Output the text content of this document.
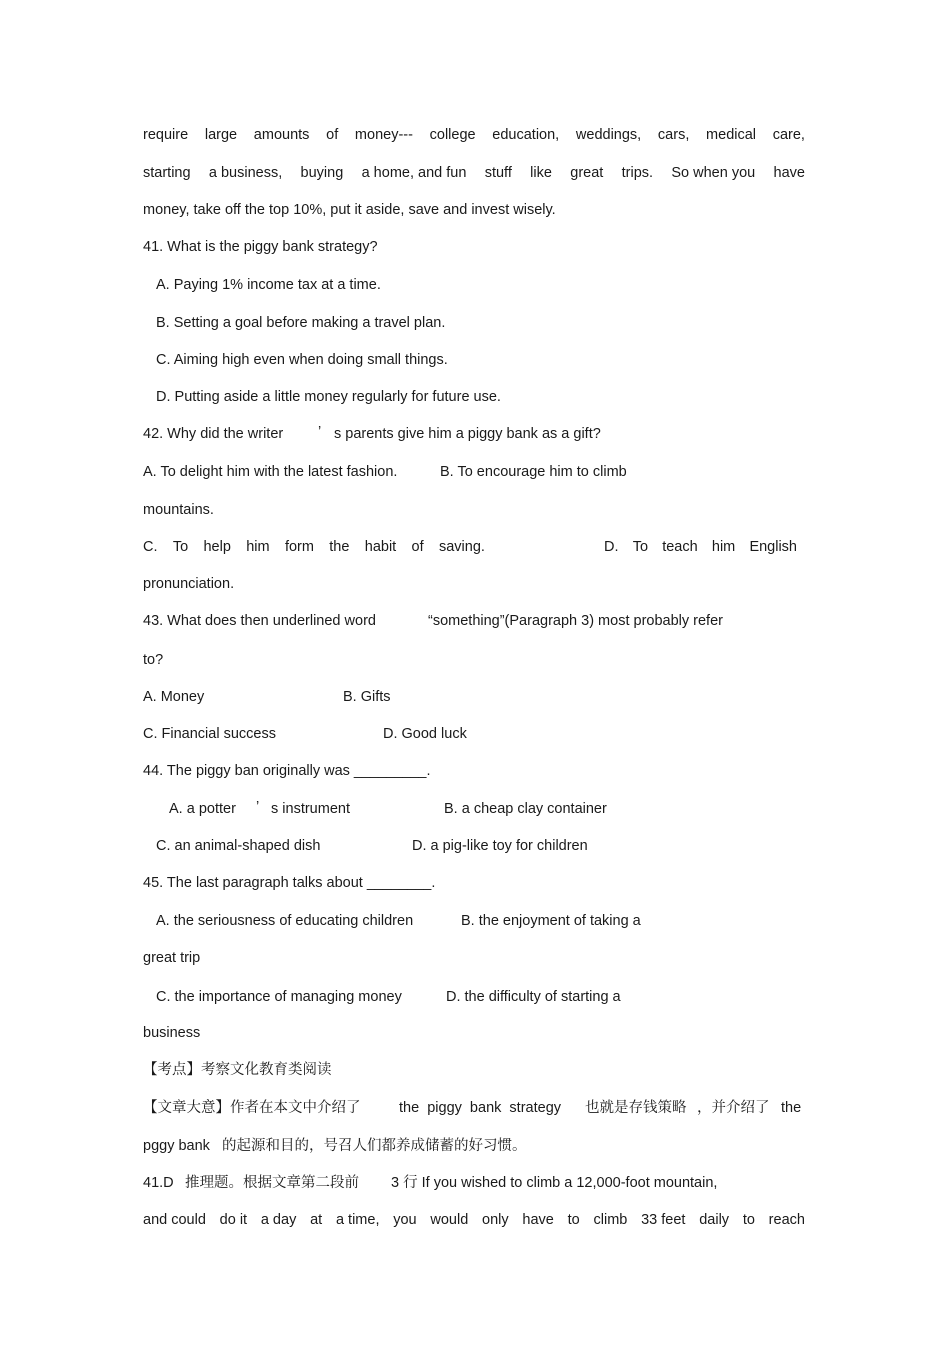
require large amounts of money--- college education, weddings, cars, medical care,
starting a business, buying a home, and fun stuff like great trips. So when you have
money, take off the top 10%, put it aside, save and invest wisely.
41. What is the piggy bank strategy?
A. Paying 1% income tax at a time.
B. Setting a goal before making a travel plan.
C. Aiming high even when doing small things.
D. Putting aside a little money regularly for future use.
42. Why did the writer ’ s parents give him a piggy bank as a gift?
A. To delight him with the latest fashion.	B. To encourage him to climb
mountains.
C. To help him form the habit of saving.	D. To teach him English
pronunciation.
43. What does then underlined word	“something”(Paragraph 3) most probably refer
to?
A. Money	B. Gifts
C. Financial success	D. Good luck
44. The piggy ban originally was _________.
A. a potter ’ s instrument	B. a cheap clay container
C. an animal-shaped dish	D. a pig-like toy for children
45. The last paragraph talks about ________.
A. the seriousness of educating children	B. the enjoyment of taking a
great trip
C. the importance of managing money	D. the difficulty of starting a
business
【考点】考察文化教育类阅读
【文章大意】作者在本文中介绍了	the  piggy  bank  strategy 也就是存钱策略 ，并介绍了 the
pggy bank 的起源和目的，号召人们都养成储蓄的好习惯。
41.D 推理题。根据文章第二段前 3 行 If you wished to climb a 12,000-foot mountain,
and could do it a day at a time, you would only have to climb 33 feet daily to reach
